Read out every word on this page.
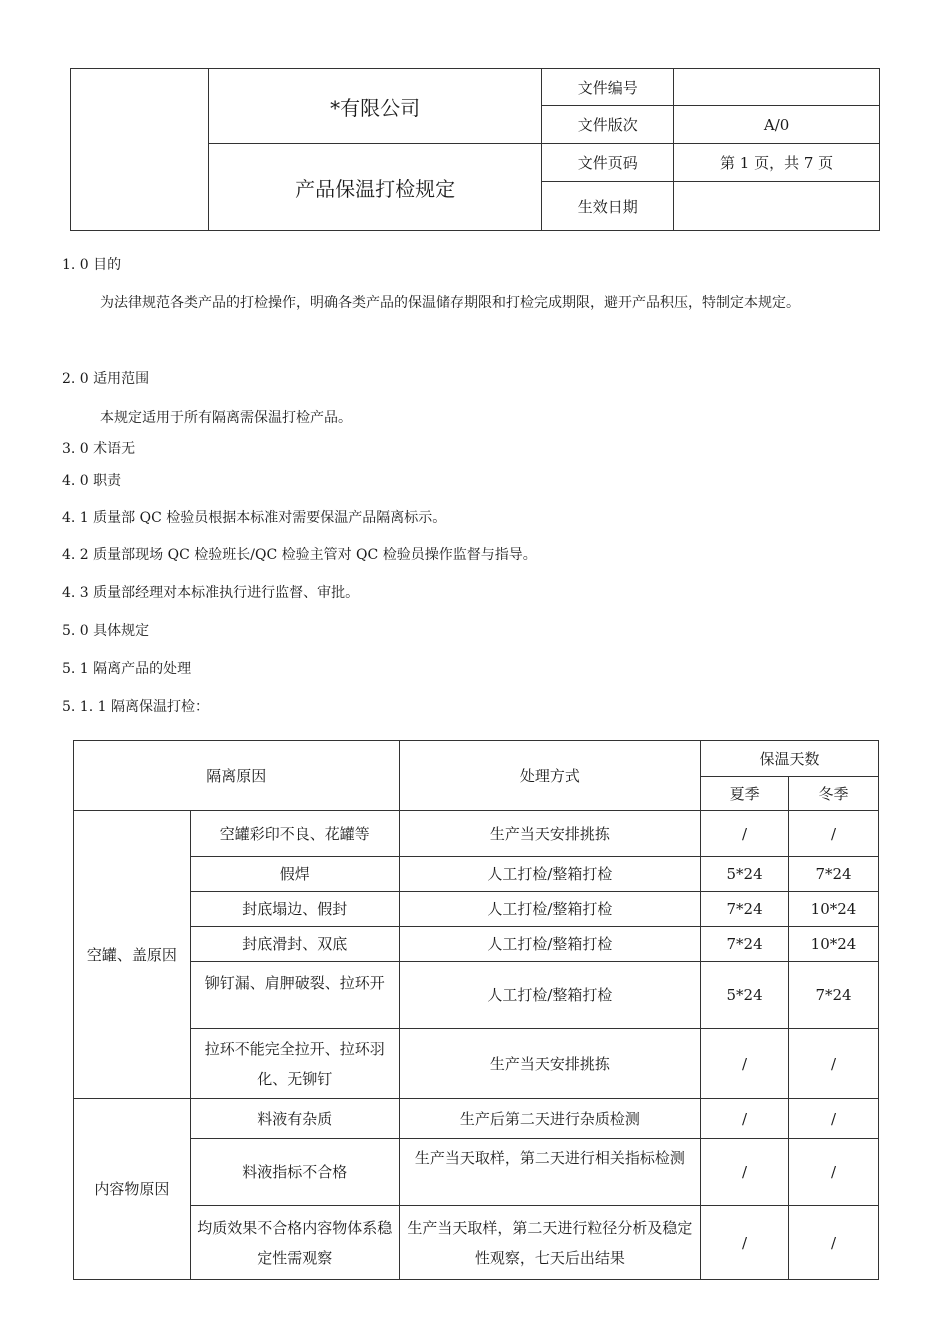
	*有限公司	文件编号	
		文件版次	A/0
	产品保温打检规定	文件页码	第 1 页，共 7 页
		生效日期	
1. 0 目的
为法律规范各类产品的打检操作，明确各类产品的保温储存期限和打检完成期限，避开产品积压，特制定本规定。
2. 0 适用范围
本规定适用于所有隔离需保温打检产品。
3. 0 术语无
4. 0 职责
4. 1 质量部 QC 检验员根据本标准对需要保温产品隔离标示。
4. 2 质量部现场 QC 检验班长/QC 检验主管对 QC 检验员操作监督与指导。
4. 3 质量部经理对本标准执行进行监督、审批。
5. 0 具体规定
5. 1 隔离产品的处理
5. 1. 1 隔离保温打检：
隔离原因		处理方式	保温天数	
			夏季	冬季
空罐、盖原因	空罐彩印不良、花罐等	生产当天安排挑拣	/	/
	假焊	人工打检/整箱打检	5*24	7*24
	封底塌边、假封	人工打检/整箱打检	7*24	10*24
	封底滑封、双底	人工打检/整箱打检	7*24	10*24
	铆钉漏、肩胛破裂、拉环开	人工打检/整箱打检	5*24	7*24
	拉环不能完全拉开、拉环羽化、无铆钉	生产当天安排挑拣	/	/
内容物原因	料液有杂质	生产后第二天进行杂质检测	/	/
	料液指标不合格	生产当天取样，第二天进行相关指标检测	/	/
	均质效果不合格内容物体系稳定性需观察	生产当天取样，第二天进行粒径分析及稳定性观察，七天后出结果	/	/
